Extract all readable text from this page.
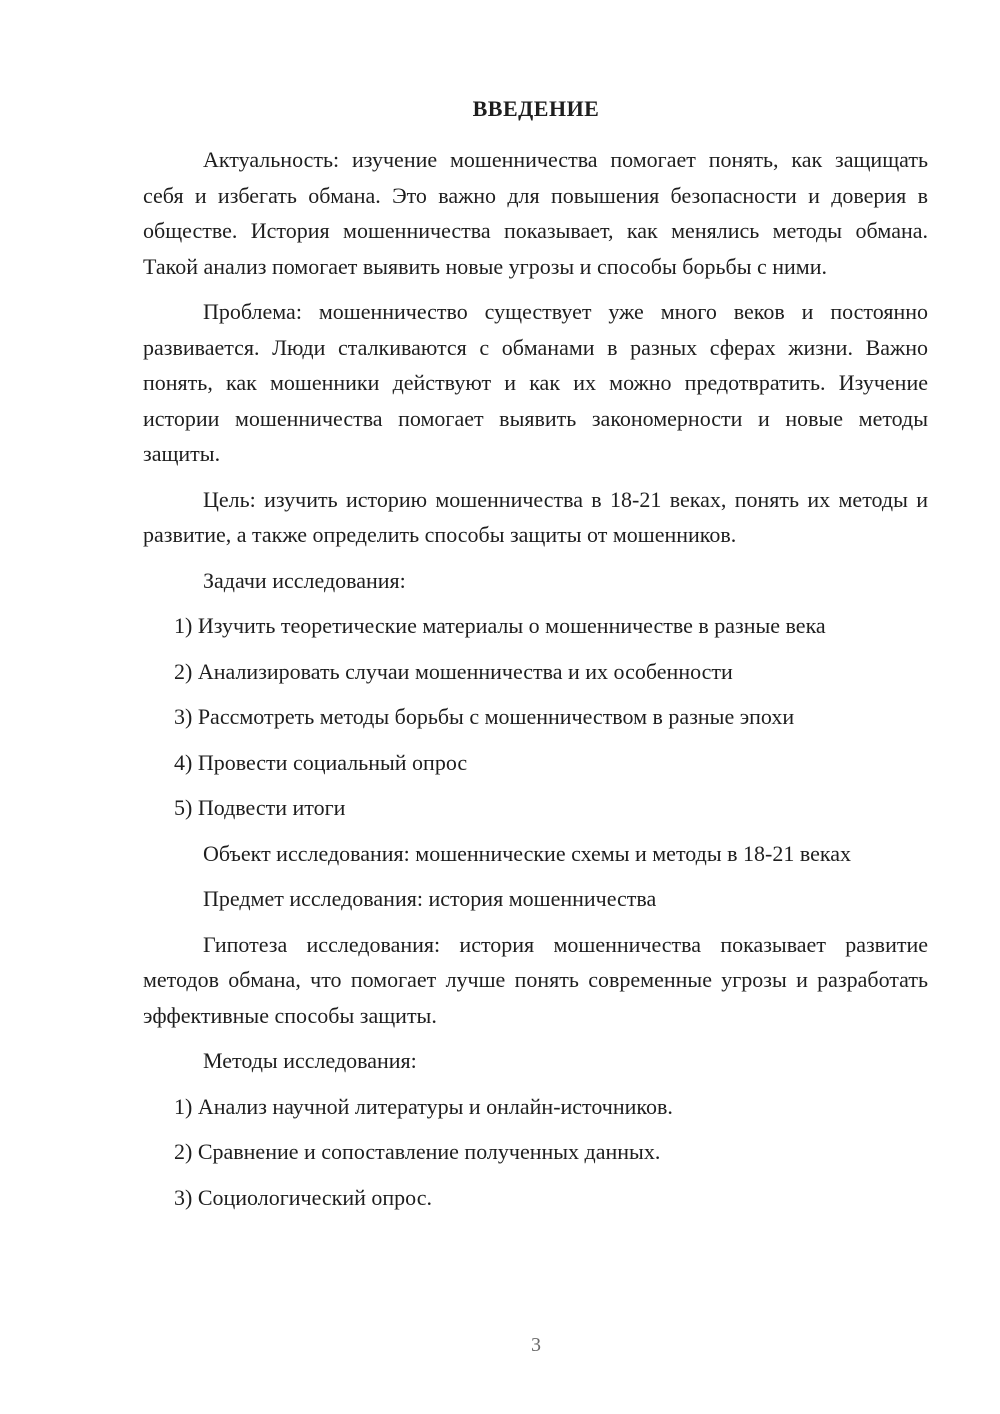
ВВЕДЕНИЕ

Актуальность: изучение мошенничества помогает понять, как защищать себя и избегать обмана. Это важно для повышения безопасности и доверия в обществе. История мошенничества показывает, как менялись методы обмана. Такой анализ помогает выявить новые угрозы и способы борьбы с ними.

Проблема: мошенничество существует уже много веков и постоянно развивается. Люди сталкиваются с обманами в разных сферах жизни. Важно понять, как мошенники действуют и как их можно предотвратить. Изучение истории мошенничества помогает выявить закономерности и новые методы защиты.

Цель: изучить историю мошенничества в 18-21 веках, понять их методы и развитие, а также определить способы защиты от мошенников.

Задачи исследования:

1) Изучить теоретические материалы о мошенничестве в разные века
2) Анализировать случаи мошенничества и их особенности
3) Рассмотреть методы борьбы с мошенничеством в разные эпохи
4) Провести социальный опрос
5) Подвести итоги

Объект исследования: мошеннические схемы и методы в 18-21 веках

Предмет исследования: история мошенничества

Гипотеза исследования: история мошенничества показывает развитие методов обмана, что помогает лучше понять современные угрозы и разработать эффективные способы защиты.

Методы исследования:

1) Анализ научной литературы и онлайн-источников.
2) Сравнение и сопоставление полученных данных.
3) Социологический опрос.
3
